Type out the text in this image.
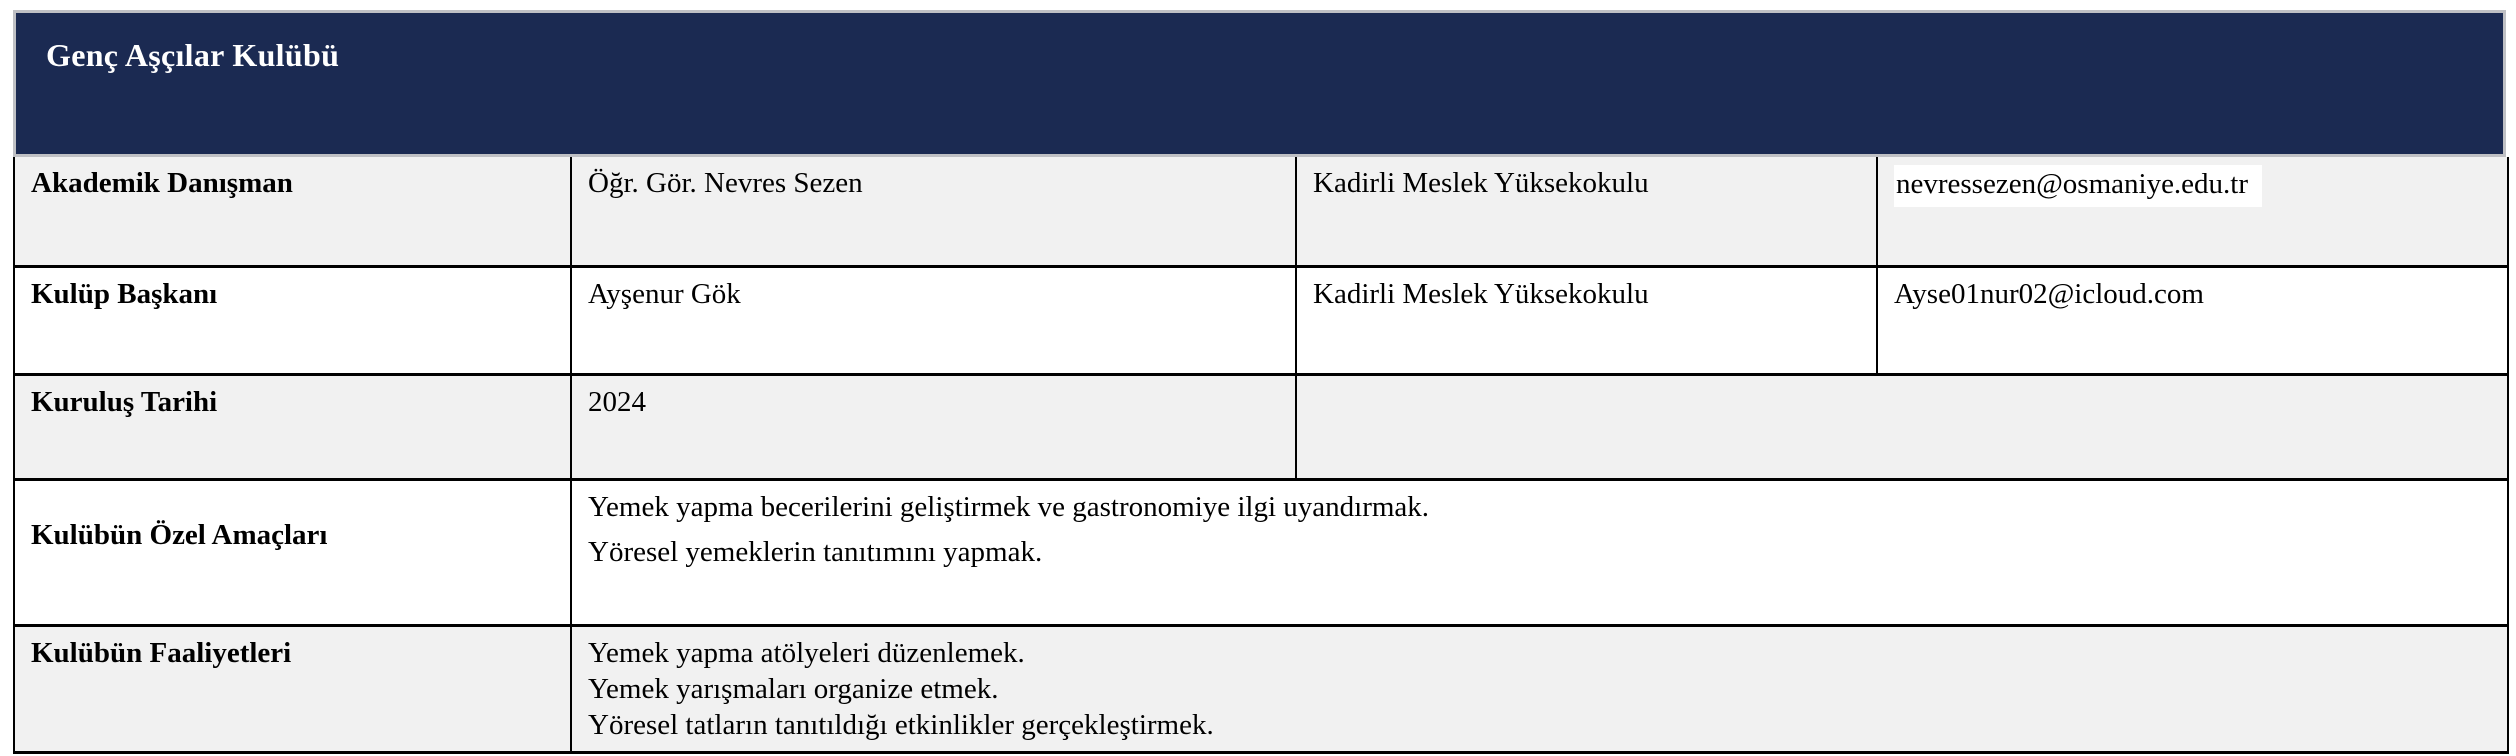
Genç Aşçılar Kulübü
Akademik Danışman	Öğr. Gör. Nevres Sezen	Kadirli Meslek Yüksekokulu	nevressezen@osmaniye.edu.tr
Kulüp Başkanı	Ayşenur Gök	Kadirli Meslek Yüksekokulu	Ayse01nur02@icloud.com
Kuruluş Tarihi	2024		
Kulübün Özel Amaçları	Yemek yapma becerilerini geliştirmek ve gastronomiye ilgi uyandırmak.

Yöresel yemeklerin tanıtımını yapmak.		

Kulübün Faaliyetleri	Yemek yapma atölyeleri düzenlemek.

Yemek yarışmaları organize etmek.

Yöresel tatların tanıtıldığı etkinlikler gerçekleştirmek.		
